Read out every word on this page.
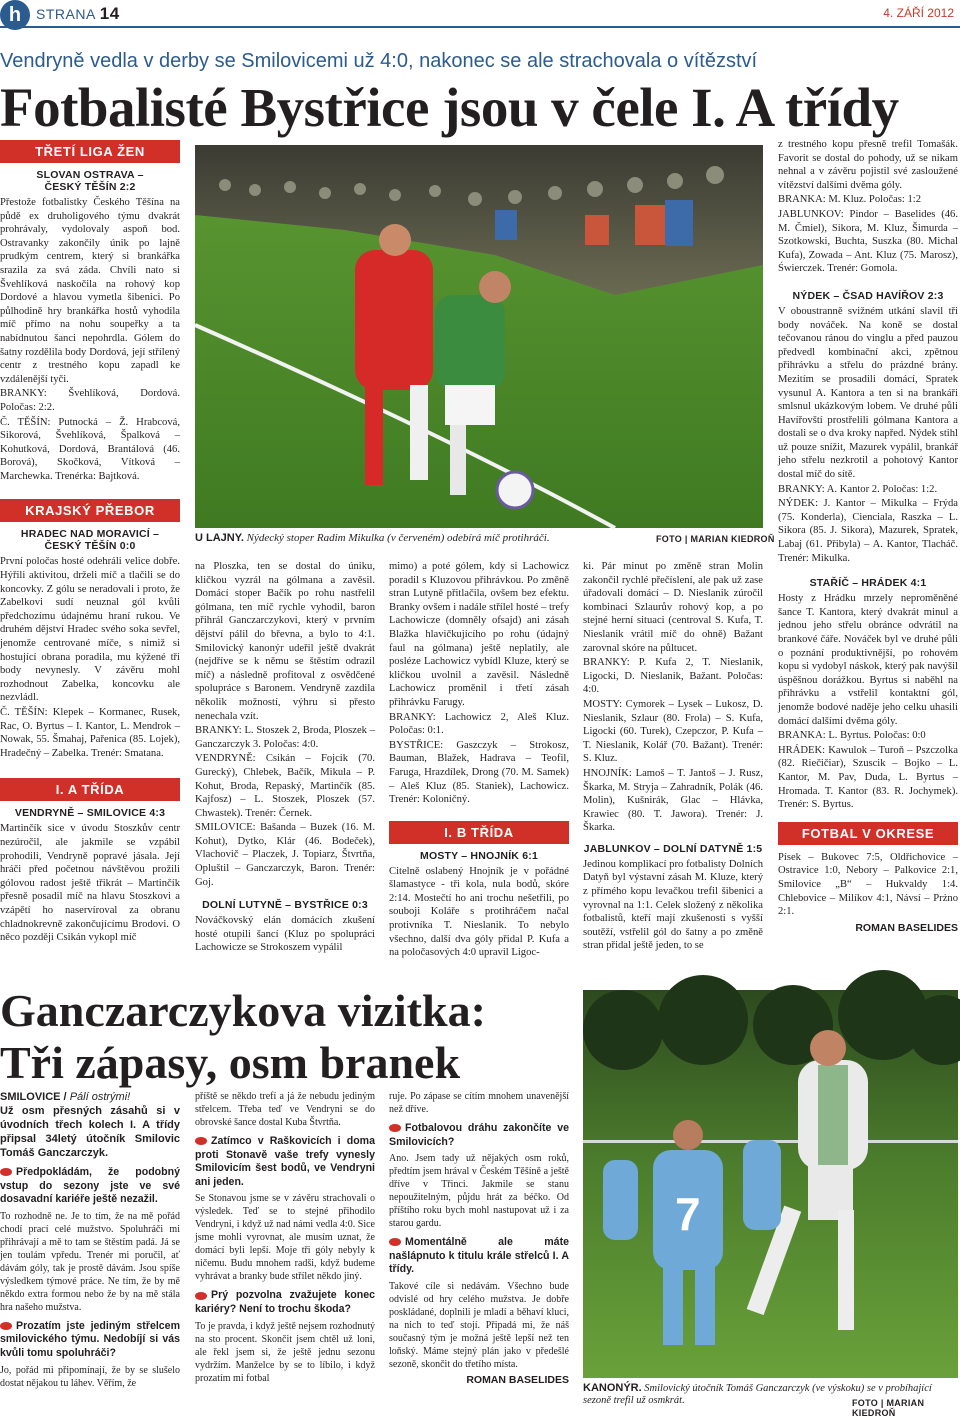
h	STRANA 14	4. ZÁŘÍ 2012
Vendryně vedla v derby se Smilovicemi už 4:0, nakonec se ale strachovala o vítězství
Fotbalisté Bystřice jsou v čele I. A třídy
TŘETÍ LIGA ŽEN
SLOVAN OSTRAVA – ČESKÝ TĚŠÍN 2:2

Přestože fotbalistky Českého Těšína na půdě ex druholigového týmu dvakrát prohrávaly, vydolovaly aspoň bod. Ostravanky zakončily únik po lajně prudkým centrem, který si brankářka srazila za svá záda. Chvíli nato si Švehlíková naskočila na rohový kop Dordové a hlavou vymetla šibenici. Po půlhodině hry brankářka hostů vyhodila míč přímo na nohu soupeřky a ta nabídnutou šanci nepohrdla. Gólem do šatny rozdělila body Dordová, její střílený centr z trestného kopu zapadl ke vzdálenější tyči.

BRANKY: Švehlíková, Dordová. Poločas: 2:2.

Č. TĚŠÍN: Putnocká – Ž. Hrabcová, Sikorová, Švehlíková, Špalková – Kohutková, Dordová, Brantálová (46. Borová), Skočková, Vítková – Marchewka. Trenérka: Bajtková.

KRAJSKÝ PŘEBOR
HRADEC NAD MORAVICÍ – ČESKÝ TĚŠÍN 0:0

První poločas hosté odehráli velice dobře. Hýřili aktivitou, drželi míč a tlačili se do koncovky. Z gólu se neradovali i proto, že Zabelkovi sudí neuznal gól kvůli předchozímu údajnému hraní rukou. Ve druhém dějství Hradec svého soka sevřel, jenomže centrované míče, s nimiž si hostující obrana poradila, mu kýžené tři body nevynesly. V závěru mohl rozhodnout Zabelka, koncovku ale nezvládl.

Č. TĚŠÍN: Klepek – Kormanec, Rusek, Rac, O. Byrtus – I. Kantor, L. Mendrok – Nowak, 55. Šmahaj, Pařenica (85. Lojek), Hradečný – Zabelka. Trenér: Smatana.

I. A TŘÍDA
VENDRYNĚ – SMILOVICE 4:3

Martinčík sice v úvodu Stoszkův centr nezúročil, ale jakmile se vzpábil prohodili, Vendryně popravé jásala. Její hráči před početnou návštěvou prožili gólovou radost ještě třikrát – Martinčík přesně posadil míč na hlavu Stoszkovi a vzápětí ho naservíroval za obranu chladnokrevně zakončujícímu Brodovi. O něco později Csikán vykopl míč

U LAJNY. Nýdecký stoper Radim Mikulka (v červeném) odebírá míč protihráči.	FOTO | MARIAN KIEDROŇ

na Ploszka, ten se dostal do úniku, kličkou vyzrál na gólmana a zavěsil. Domácí stoper Bačík po rohu nastřelil gólmana, ten míč rychle vyhodil, baron přihrál Ganczarczykovi, který v prvním dějství pálil do břevna, a bylo to 4:1. Smilovický kanonýr udeřil ještě dvakrát (nejdříve se k němu se štěstím odrazil míč) a následně profitoval z osvědčené spolupráce s Baronem. Vendryně zazdila několik možností, výhru si přesto nenechala vzít.

BRANKY: L. Stoszek 2, Broda, Ploszek – Ganczarczyk 3. Poločas: 4:0.

VENDRYNĚ: Csikán – Fojcik (70. Gurecký), Chlebek, Bačík, Mikula – P. Kohut, Broda, Repaský, Martinčík (85. Kajfosz) – L. Stoszek, Ploszek (57. Chwastek). Trenér: Černek.

SMILOVICE: Bašanda – Buzek (16. M. Kohut), Dytko, Klár (46. Bodeček), Vlachovič – Placzek, J. Topiarz, Štvrtňa, Opluštil – Ganczarczyk, Baron. Trenér: Goj.

DOLNÍ LUTYNĚ – BYSTŘICE 0:3

Nováčkovský elán domácích zkušení hosté otupili šancí (Kluz po spolupráci Lachowicze se Strokoszem vypálil

mimo) a poté gólem, kdy si Lachowicz poradil s Kluzovou přihrávkou. Po změně stran Lutyně přitlačila, ovšem bez efektu. Branky ovšem i nadále střílel hosté – trefy Lachowicze (domněly ofsajd) ani zásah Blažka hlavičkujícího po rohu (údajný faul na gólmana) ještě neplatily, ale posléze Lachowicz vybídl Kluze, který se kličkou uvolnil a zavěsil. Následně Lachowicz proměnil i třetí zásah přihrávku Farugy.

BRANKY: Lachowicz 2, Aleš Kluz. Poločas: 0:1.

BYSTŘICE: Gaszczyk – Strokosz, Bauman, Blažek, Hadrava – Teofil, Faruga, Hrazdílek, Drong (70. M. Samek) – Aleš Kluz (85. Staniek), Lachowicz. Trenér: Koloničný.

I. B TŘÍDA
MOSTY – HNOJNÍK 6:1

Citelně oslabený Hnojník je v pořádné šlamastyce - tři kola, nula bodů, skóre 2:14. Mostečtí ho ani trochu nešetřili, po souboji Koláře s protihráčem načal protivníka T. Nieslanik. To nebylo všechno, další dva góly přidal P. Kufa a na poločasových 4:0 upravil Ligoc-

ki. Pár minut po změně stran Molin zakončil rychlé přečíslení, ale pak už zase úřadovali domácí – D. Nieslanik zúročil kombinaci Szlaurův rohový kop, a po stejné herní situaci (centroval S. Kufa, T. Nieslanik vrátil míč do ohně) Bažant zarovnal skóre na půltucet.

BRANKY: P. Kufa 2, T. Nieslanik, Ligocki, D. Nieslanik, Bažant. Poločas: 4:0.

MOSTY: Cymorek – Lysek – Lukosz, D. Nieslanik, Szlaur (80. Frola) – S. Kufa, Ligocki (60. Turek), Czepczor, P. Kufa – T. Nieslanik, Kolář (70. Bažant). Trenér: S. Kluz.

HNOJNÍK: Lamoš – T. Jantoš – J. Rusz, Škarka, M. Stryja – Zahradník, Polák (46. Molin), Kušnirák, Glac – Hlávka, Krawiec (80. T. Jawora). Trenér: J. Škarka.

JABLUNKOV – DOLNÍ DATYNĚ 1:5

Jedinou komplikací pro fotbalisty Dolních Datyň byl výstavní zásah M. Kluze, který z přímého kopu levačkou trefil šibenici a vyrovnal na 1:1. Celek složený z několika fotbalistů, kteří mají zkušenosti s vyšší soutěží, vstřelil gól do šatny a po změně stran přidal ještě jeden, to se

z trestného kopu přesně trefil Tomašák. Favorit se dostal do pohody, už se nikam nehnal a v závěru pojistil své zasloužené vítězství dalšími dvěma góly.

BRANKA: M. Kluz. Poločas: 1:2

JABLUNKOV: Pindor – Baselides (46. M. Čmiel), Sikora, M. Kluz, Šimurda – Szotkowski, Buchta, Suszka (80. Michal Kufa), Zowada – Ant. Kluz (75. Marosz), Świerczek. Trenér: Gomola.

NÝDEK – ČSAD HAVÍŘOV 2:3

V oboustranně svižném utkání slavil tři body nováček. Na koně se dostal tečovanou ránou do vinglu a před pauzou předvedl kombinační akci, zpětnou přihrávku a střelu do prázdné brány. Mezitím se prosadili domácí, Spratek vysunul A. Kantora a ten si na brankáři smlsnul ukázkovým lobem. Ve druhé půli Havířovští prostřelili gólmana Kantora a dostali se o dva kroky napřed. Nýdek stihl už pouze snížit, Mazurek vypálil, brankář jeho střelu nezkrotil a pohotový Kantor dostal míč do sítě.

BRANKY: A. Kantor 2. Poločas: 1:2.

NÝDEK: J. Kantor – Mikulka – Frýda (75. Konderla), Cienciala, Raszka – L. Sikora (85. J. Sikora), Mazurek, Spratek, Labaj (61. Přibyla) – A. Kantor, Tlacháč. Trenér: Mikulka.

STAŘÍČ – HRÁDEK 4:1

Hosty z Hrádku mrzely neproměněné šance T. Kantora, který dvakrát minul a jednou jeho střelu obránce odvrátil na brankové čáře. Nováček byl ve druhé půli o poznání produktivnější, po rohovém kopu si vydobyl náskok, který pak navýšil úspěšnou dorážkou. Byrtus si naběhl na přihrávku a vstřelil kontaktní gól, jenomže bodové naděje jeho celku uhasili domácí dalšími dvěma góly.

BRANKA: L. Byrtus. Poločas: 0:0

HRÁDEK: Kawulok – Turoň – Pszczolka (82. Riečičiar), Szuscik – Bojko – L. Kantor, M. Pav, Duda, L. Byrtus – Hromada. T. Kantor (83. R. Jochymek). Trenér: S. Byrtus.

FOTBAL V OKRESE

Písek – Bukovec 7:5, Oldřichovice – Ostravice 1:0, Nebory – Palkovice 2:1, Smilovice „B“ – Hukvaldy 1:4. Chlebovice – Milíkov 4:1, Návsí – Prżno 2:1.

ROMAN BASELIDES
Ganczarczykova vizitka:
Tři zápasy, osm branek
SMILOVICE / Pálí ostrými!
Už osm přesných zásahů si v úvodních třech kolech I. A třídy připsal 34letý útočník Smilovic Tomáš Ganczarczyk.
Předpokládám, že podobný vstup do sezony jste ve své dosavadní kariéře ještě nezažil.

To rozhodně ne. Je to tím, že na mě pořád chodí prací celé mužstvo. Spoluhráči mi přihrávají a mě to tam se štěstím padá. Já se jen toulám vpředu. Trenér mi poručil, ať dávám góly, tak je prostě dávám. Jsou spíše výsledkem týmové práce. Ne tím, že by mě někdo extra formou nebo že by na mě stála hra našeho mužstva.

Prozatím jste jediným střelcem smilovického týmu. Nedobíjí si vás kvůli tomu spoluhráči?

Jo, pořád mi připomínají, že by se slušelo dostat nějakou tu láhev. Věřím, že

příště se někdo trefí a já že nebudu jediným střelcem. Třeba teď ve Vendryni se do obrovské šance dostal Kuba Štvrtňa.

Zatímco v Raškovicích i doma proti Stonavě vaše trefy vynesly Smilovicím šest bodů, ve Vendryni ani jeden.

Se Stonavou jsme se v závěru strachovali o výsledek. Teď se to stejné přihodilo Vendryni, i když už nad námi vedla 4:0. Sice jsme mohli vyrovnat, ale musím uznat, že domácí byli lepší. Moje tři góly nebyly k ničemu. Budu mnohem radši, když budeme vyhrávat a branky bude střílet někdo jiný.

Prý pozvolna zvažujete konec kariéry? Není to trochu škoda?

To je pravda, i když ještě nejsem rozhodnutý na sto procent. Skončit jsem chtěl už loni, ale řekl jsem si, že ještě jednu sezonu vydržím. Manželce by se to líbilo, i když prozatím mi fotbal

ruje. Po zápase se cítím mnohem unavenější než dříve.

Fotbalovou dráhu zakončíte ve Smilovicích?

Ano. Jsem tady už nějakých osm roků, předtím jsem hrával v Českém Těšíně a ještě dříve v Třinci. Jakmile se stanu nepoužitelným, půjdu hrát za béčko. Od příštího roku bych mohl nastupovat už i za starou gardu.

Momentálně ale máte našlápnuto k titulu krále střelců I. A třídy.

Takové cíle si nedávám. Všechno bude odvislé od hry celého mužstva. Je dobře poskládané, doplnili je mladí a běhaví kluci, na nich to teď stojí. Připadá mi, že náš současný tým je možná ještě lepší než ten loňský. Máme stejný plán jako v předešlé sezoně, skončit do třetího místa.

ROMAN BASELIDES
7
KANONÝR. Smilovický útočník Tomáš Ganczarczyk (ve výskoku) se v probíhající sezoně trefil už osmkrát.	FOTO | MARIAN KIEDROŇ
